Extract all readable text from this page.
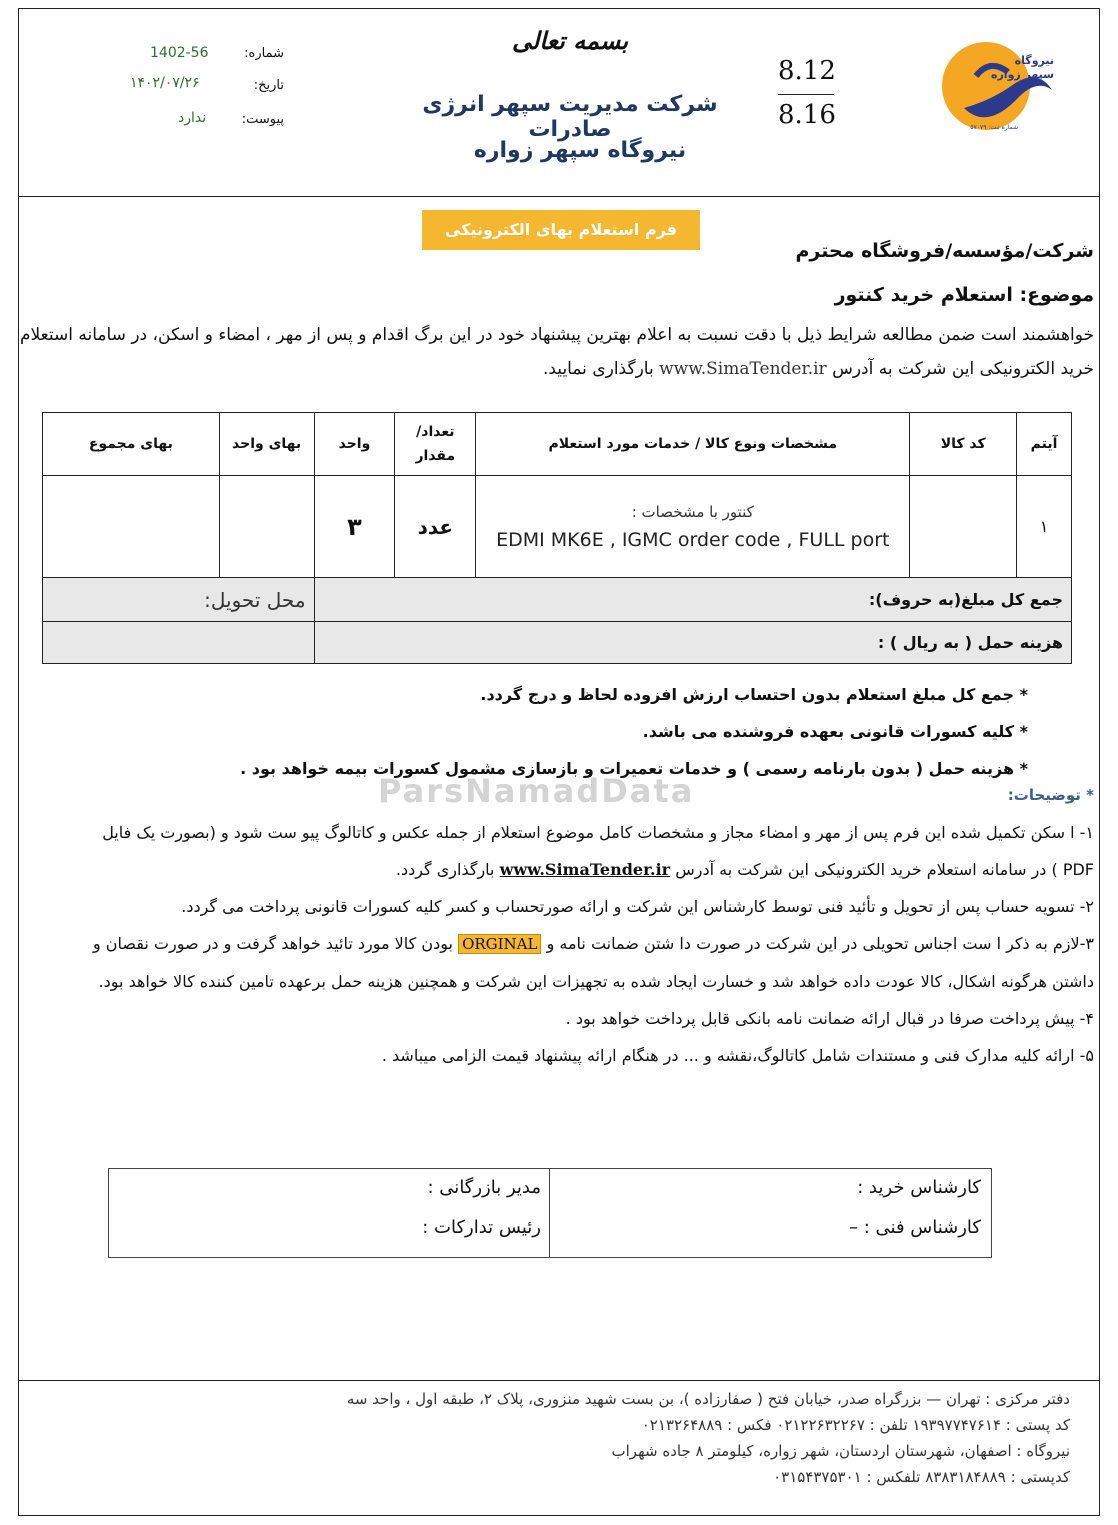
ParsNamadData
نیروگاه
سپهر زواره
شماره ثبت: ۵۷۰۷۹
8.12
8.16
بسمه تعالی
شرکت مدیریت سپهر انرژی صادرات
نیروگاه سپهر زواره
شماره:
1402-56
تاریخ:
۱۴۰۲/۰۷/۲۶
پیوست:
ندارد
فرم استعلام بهای الکترونیکی
شرکت/مؤسسه/فروشگاه محترم
موضوع: استعلام خرید کنتور
خواهشمند است ضمن مطالعه شرایط ذیل با دقت نسبت به اعلام بهترین پیشنهاد خود در این برگ اقدام و پس از مهر ، امضاء و اسکن، در سامانه استعلام خرید الکترونیکی این شرکت به آدرس www.SimaTender.ir بارگذاری نمایید.
آیتم	کد کالا	مشخصات ونوع کالا / خدمات مورد استعلام	تعداد/ مقدار	واحد	بهای واحد	بهای مجموع
۱		کنتور با مشخصات :
EDMI MK6E , IGMC order code , FULL port	عدد	۳		
جمع کل مبلغ(به حروف):					محل تحویل:	
هزینه حمل ( به ریال ) :						
* جمع کل مبلغ استعلام بدون احتساب ارزش افزوده لحاظ و درج گردد.
* کلیه کسورات قانونی بعهده فروشنده می باشد.
* هزینه حمل ( بدون بارنامه رسمی ) و خدمات تعمیرات و بازسازی مشمول کسورات بیمه خواهد بود .
* توضیحات:
۱- ا سکن تکمیل شده این فرم پس از مهر و امضاء مجاز و مشخصات کامل موضوع استعلام از جمله عکس و کاتالوگ پیو ست شود و (بصورت یک فایل
PDF ) در سامانه استعلام خرید الکترونیکی این شرکت به آدرس www.SimaTender.ir بارگذاری گردد.
۲- تسویه حساب پس از تحویل و تأئید فنی توسط کارشناس این شرکت و ارائه صورتحساب و کسر کلیه کسورات قانونی پرداخت می گردد.
۳-لازم به ذکر ا ست اجناس تحویلی در این شرکت در صورت دا شتن ضمانت نامه و ORGINAL بودن کالا مورد تائید خواهد گرفت و در صورت نقصان و
داشتن هرگونه اشکال، کالا عودت داده خواهد شد و خسارت ایجاد شده به تجهیزات این شرکت و همچنین هزینه حمل برعهده تامین کننده کالا خواهد بود.
۴- پیش پرداخت صرفا در قبال ارائه ضمانت نامه بانکی قابل پرداخت خواهد بود .
۵- ارائه کلیه مدارک فنی و مستندات شامل کاتالوگ،نقشه و ... در هنگام ارائه پیشنهاد قیمت الزامی میباشد .
کارشناس خرید :
کارشناس فنی : –
مدیر بازرگانی :
رئیس تدارکات :
دفتر مرکزی : تهران — بزرگراه صدر، خیابان فتح ( صفارزاده )، بن بست شهید منزوری، پلاک ۲، طبقه اول ، واحد سه
کد پستی : ۱۹۳۹۷۷۴۷۶۱۴ تلفن : ۰۲۱۲۲۶۳۲۲۶۷ فکس : ۰۲۱۳۲۶۴۸۸۹
نیروگاه : اصفهان، شهرستان اردستان، شهر زواره، کیلومتر ۸ جاده شهراب
کدپستی : ۸۳۸۳۱۸۴۸۸۹ تلفکس : ۰۳۱۵۴۳۷۵۳۰۱
